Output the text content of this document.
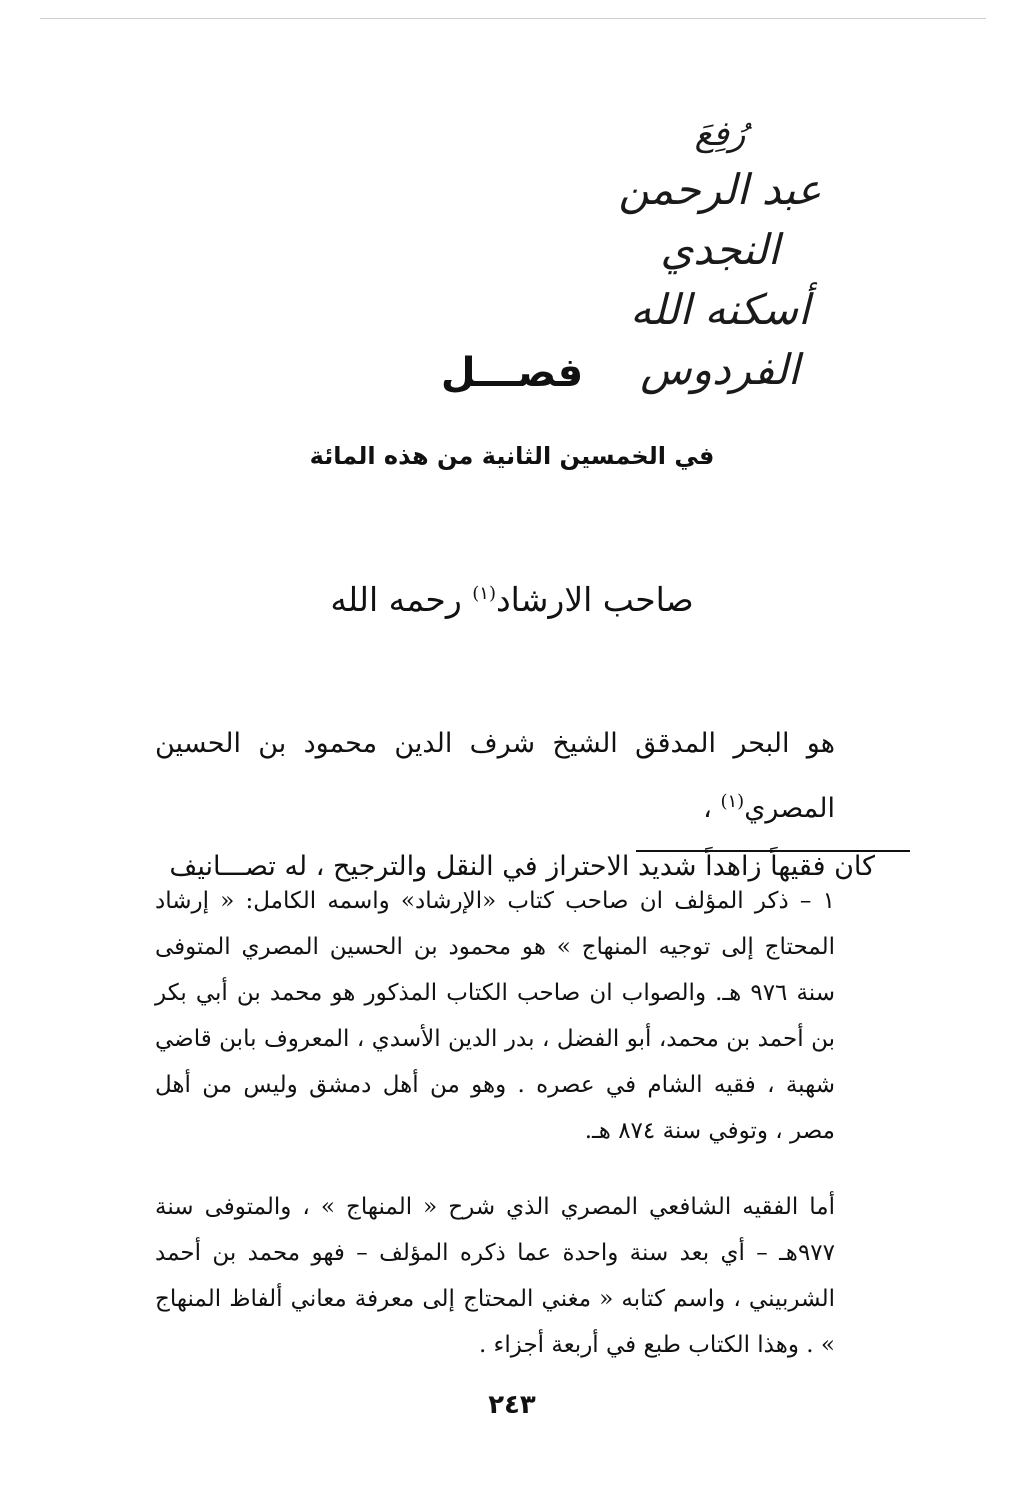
رُفِعَ
عبد الرحمن النجدي
أسكنه الله الفردوس
فصـــل
في الخمسين الثانية من هذه المائة
صاحب الارشاد$^{(١)}$ رحمه الله

هو البحر المدقق الشيخ شرف الدين محمود بن الحسين المصري$^{(١)}$ ،

كان فقيهاً زاهداً شديد الاحتراز في النقل والترجيح ، له تصـــانيف

١ – ذكر المؤلف ان صاحب كتاب «الإرشاد» واسمه الكامل: « إرشاد المحتاج إلى توجيه المنهاج » هو محمود بن الحسين المصري المتوفى سنة ٩٧٦ هـ. والصواب ان صاحب الكتاب المذكور هو محمد بن أبي بكر بن أحمد بن محمد، أبو الفضل ، بدر الدين الأسدي ، المعروف بابن قاضي شهبة ، فقيه الشام في عصره . وهو من أهل دمشق وليس من أهل مصر ، وتوفي سنة ٨٧٤ هـ.

أما الفقيه الشافعي المصري الذي شرح « المنهاج » ، والمتوفى سنة ٩٧٧هـ – أي بعد سنة واحدة عما ذكره المؤلف – فهو محمد بن أحمد الشربيني ، واسم كتابه « مغني المحتاج إلى معرفة معاني ألفاظ المنهاج » . وهذا الكتاب طبع في أربعة أجزاء .

٢٤٣
